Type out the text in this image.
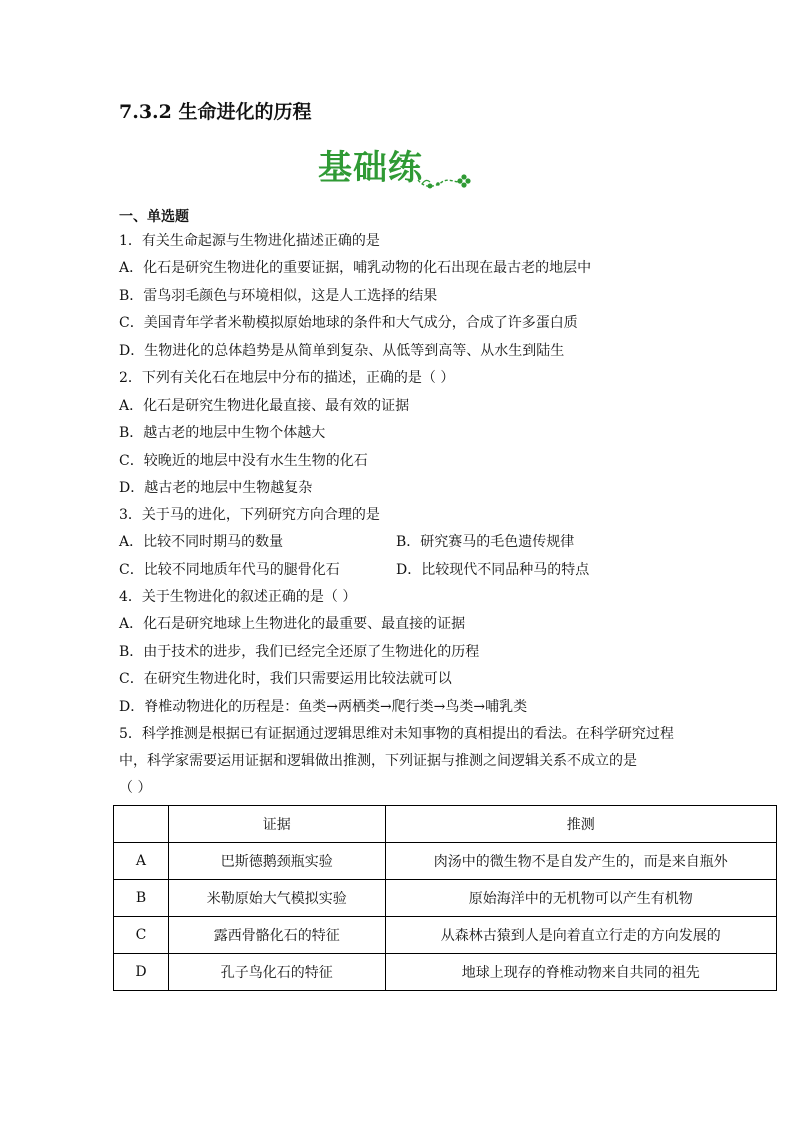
7.3.2 生命进化的历程
基础练
一、单选题
1．有关生命起源与生物进化描述正确的是
A．化石是研究生物进化的重要证据，哺乳动物的化石出现在最古老的地层中
B．雷鸟羽毛颜色与环境相似，这是人工选择的结果
C．美国青年学者米勒模拟原始地球的条件和大气成分，合成了许多蛋白质
D．生物进化的总体趋势是从简单到复杂、从低等到高等、从水生到陆生
2．下列有关化石在地层中分布的描述，正确的是（ ）
A．化石是研究生物进化最直接、最有效的证据
B．越古老的地层中生物个体越大
C．较晚近的地层中没有水生生物的化石
D．越古老的地层中生物越复杂
3．关于马的进化，下列研究方向合理的是
A．比较不同时期马的数量	B．研究赛马的毛色遗传规律
C．比较不同地质年代马的腿骨化石	D．比较现代不同品种马的特点
4．关于生物进化的叙述正确的是（ ）
A．化石是研究地球上生物进化的最重要、最直接的证据
B．由于技术的进步，我们已经完全还原了生物进化的历程
C．在研究生物进化时，我们只需要运用比较法就可以
D．脊椎动物进化的历程是：鱼类→两栖类→爬行类→鸟类→哺乳类
5．科学推测是根据已有证据通过逻辑思维对未知事物的真相提出的看法。在科学研究过程
中，科学家需要运用证据和逻辑做出推测，下列证据与推测之间逻辑关系不成立的是
（ ）
	证据	推测
A	巴斯德鹅颈瓶实验	肉汤中的微生物不是自发产生的，而是来自瓶外
B	米勒原始大气模拟实验	原始海洋中的无机物可以产生有机物
C	露西骨骼化石的特征	从森林古猿到人是向着直立行走的方向发展的
D	孔子鸟化石的特征	地球上现存的脊椎动物来自共同的祖先
